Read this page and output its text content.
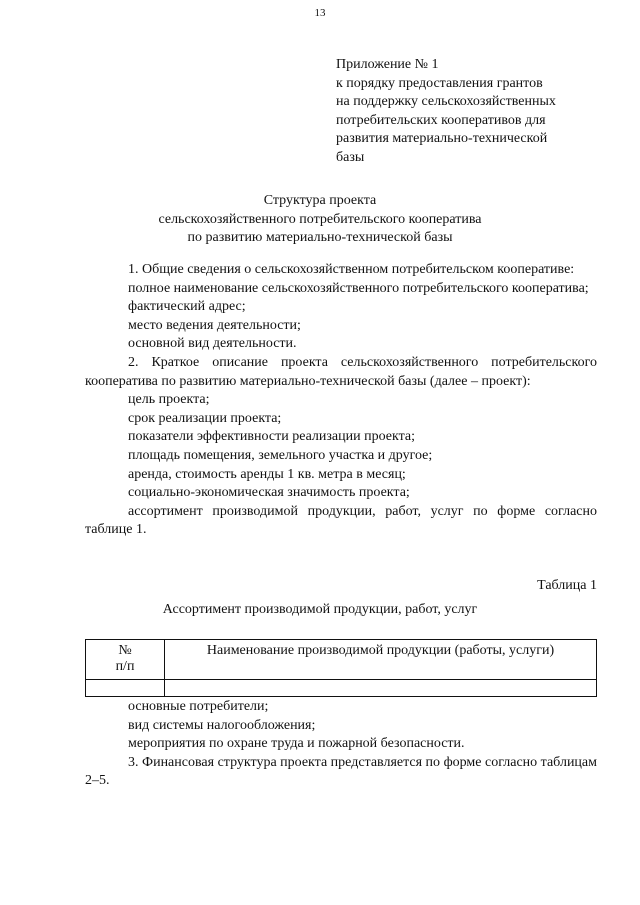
13
Приложение № 1
к порядку предоставления грантов
на поддержку сельскохозяйственных
потребительских кооперативов для
развития материально-технической
базы
Структура проекта
сельскохозяйственного потребительского кооператива
по развитию материально-технической базы

1. Общие сведения о сельскохозяйственном потребительском кооперативе:

полное наименование сельскохозяйственного потребительского кооператива;

фактический адрес;

место ведения деятельности;

основной вид деятельности.

2. Краткое описание проекта сельскохозяйственного потребительского кооператива по развитию материально-технической базы (далее – проект):

цель проекта;

срок реализации проекта;

показатели эффективности реализации проекта;

площадь помещения, земельного участка и другое;

аренда, стоимость аренды 1 кв. метра в месяц;

социально-экономическая значимость проекта;

ассортимент производимой продукции, работ, услуг по форме согласно таблице 1.

Таблица 1
Ассортимент производимой продукции, работ, услуг
№
п/п	Наименование производимой продукции (работы, услуги)

основные потребители;

вид системы налогообложения;

мероприятия по охране труда и пожарной безопасности.

3. Финансовая структура проекта представляется по форме согласно таблицам 2–5.
